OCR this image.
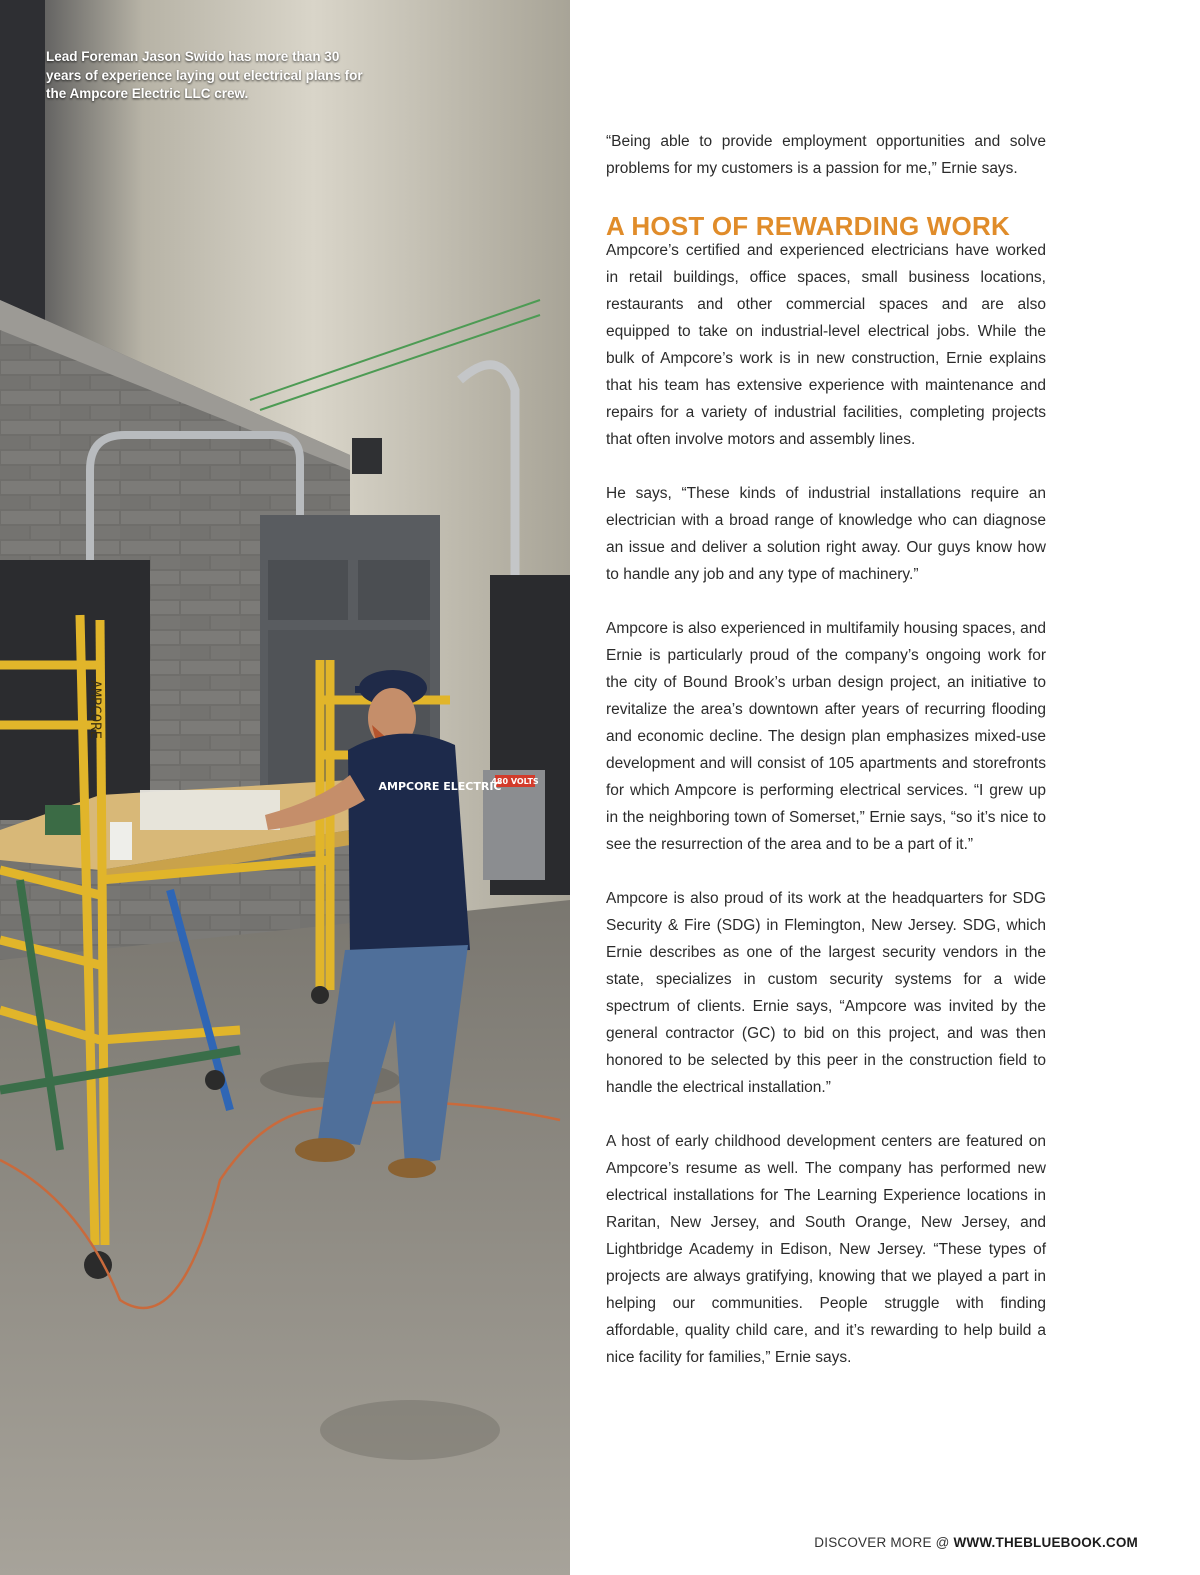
480 VOLTS
AMPCORE
AMPCORE ELECTRIC

Lead Foreman Jason Swido has more than 30 years of experience laying out electrical plans for the Ampcore Electric LLC crew.

“Being able to provide employment opportunities and solve problems for my customers is a passion for me,” Ernie says.

A HOST OF REWARDING WORK

Ampcore’s certified and experienced electricians have worked in retail buildings, office spaces, small business locations, restaurants and other commercial spaces and are also equipped to take on industrial-level electrical jobs. While the bulk of Ampcore’s work is in new construction, Ernie explains that his team has extensive experience with maintenance and repairs for a variety of industrial facilities, completing projects that often involve motors and assembly lines.

He says, “These kinds of industrial installations require an electrician with a broad range of knowledge who can diagnose an issue and deliver a solution right away. Our guys know how to handle any job and any type of machinery.”

Ampcore is also experienced in multifamily housing spaces, and Ernie is particularly proud of the company’s ongoing work for the city of Bound Brook’s urban design project, an initiative to revitalize the area’s downtown after years of recurring flooding and economic decline. The design plan emphasizes mixed-use development and will consist of 105 apartments and storefronts for which Ampcore is performing electrical services. “I grew up in the neighboring town of Somerset,” Ernie says, “so it’s nice to see the resurrection of the area and to be a part of it.”

Ampcore is also proud of its work at the headquarters for SDG Security & Fire (SDG) in Flemington, New Jersey. SDG, which Ernie describes as one of the largest security vendors in the state, specializes in custom security systems for a wide spectrum of clients. Ernie says, “Ampcore was invited by the general contractor (GC) to bid on this project, and was then honored to be selected by this peer in the construction field to handle the electrical installation.”

A host of early childhood development centers are featured on Ampcore’s resume as well. The company has performed new electrical installations for The Learning Experience locations in Raritan, New Jersey, and South Orange, New Jersey, and Lightbridge Academy in Edison, New Jersey. “These types of projects are always gratifying, knowing that we played a part in helping our communities. People struggle with finding affordable, quality child care, and it’s rewarding to help build a nice facility for families,” Ernie says.

DISCOVER MORE @ WWW.THEBLUEBOOK.COM
